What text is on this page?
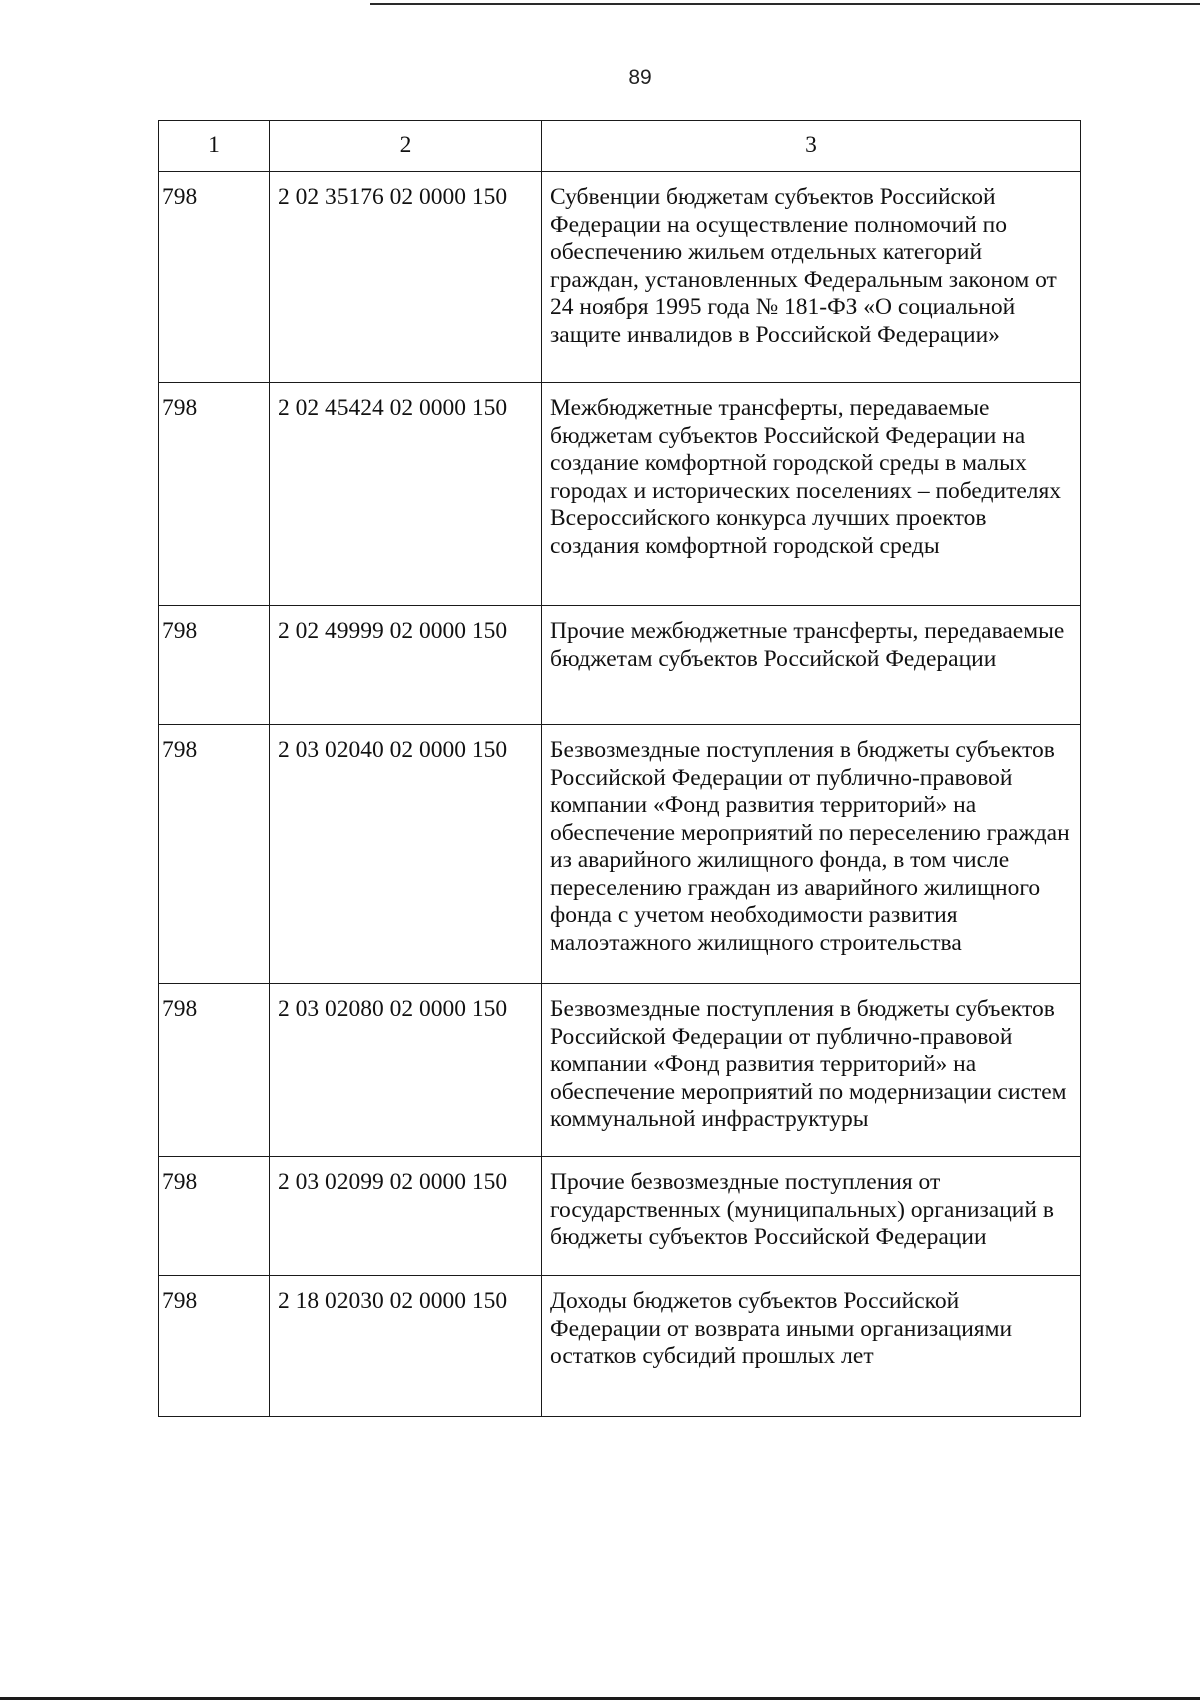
89
1	2	3
798	2 02 35176 02 0000 150	Субвенции бюджетам субъектов Российской Федерации на осуществление полномочий по обеспечению жильем отдельных категорий граждан, установленных Федеральным законом от 24 ноября 1995 года № 181-ФЗ «О социальной защите инвалидов в Российской Федерации»
798	2 02 45424 02 0000 150	Межбюджетные трансферты, передаваемые бюджетам субъектов Российской Федерации на создание комфортной городской среды в малых городах и исторических поселениях – победителях Всероссийского конкурса лучших проектов создания комфортной городской среды
798	2 02 49999 02 0000 150	Прочие межбюджетные трансферты, передаваемые бюджетам субъектов Российской Федерации
798	2 03 02040 02 0000 150	Безвозмездные поступления в бюджеты субъектов Российской Федерации от публично-правовой компании «Фонд развития территорий» на обеспечение мероприятий по переселению граждан из аварийного жилищного фонда, в том числе переселению граждан из аварийного жилищного фонда с учетом необходимости развития малоэтажного жилищного строительства
798	2 03 02080 02 0000 150	Безвозмездные поступления в бюджеты субъектов Российской Федерации от публично-правовой компании «Фонд развития территорий» на обеспечение мероприятий по модернизации систем коммунальной инфраструктуры
798	2 03 02099 02 0000 150	Прочие безвозмездные поступления от государственных (муниципальных) организаций в бюджеты субъектов Российской Федерации
798	2 18 02030 02 0000 150	Доходы бюджетов субъектов Российской Федерации от возврата иными организациями остатков субсидий прошлых лет
